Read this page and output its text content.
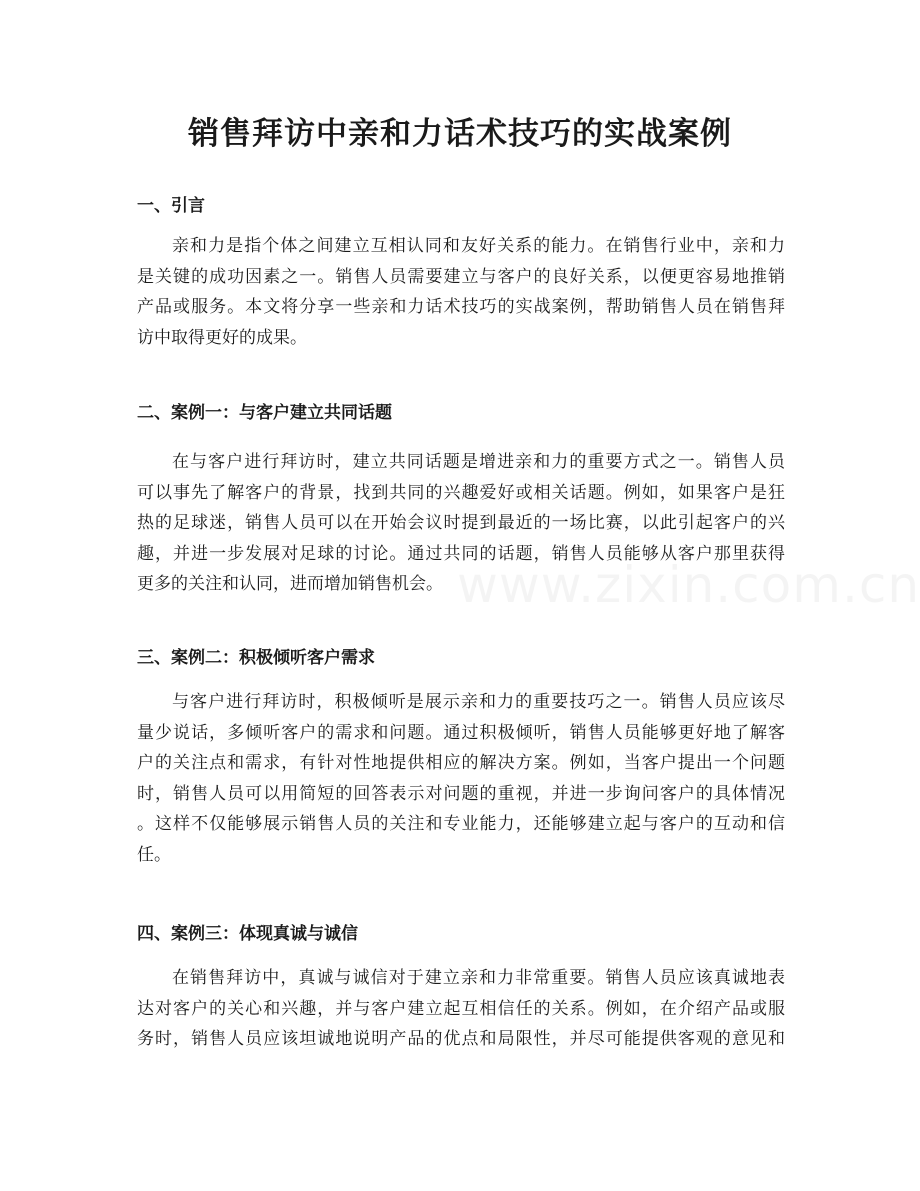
销售拜访中亲和力话术技巧的实战案例
一、引言
亲和力是指个体之间建立互相认同和友好关系的能力。在销售行业中，亲和力
是关键的成功因素之一。销售人员需要建立与客户的良好关系，以便更容易地推销
产品或服务。本文将分享一些亲和力话术技巧的实战案例，帮助销售人员在销售拜
访中取得更好的成果。
二、案例一：与客户建立共同话题
在与客户进行拜访时，建立共同话题是增进亲和力的重要方式之一。销售人员
可以事先了解客户的背景，找到共同的兴趣爱好或相关话题。例如，如果客户是狂
热的足球迷，销售人员可以在开始会议时提到最近的一场比赛，以此引起客户的兴
趣，并进一步发展对足球的讨论。通过共同的话题，销售人员能够从客户那里获得
更多的关注和认同，进而增加销售机会。
三、案例二：积极倾听客户需求
与客户进行拜访时，积极倾听是展示亲和力的重要技巧之一。销售人员应该尽
量少说话，多倾听客户的需求和问题。通过积极倾听，销售人员能够更好地了解客
户的关注点和需求，有针对性地提供相应的解决方案。例如，当客户提出一个问题
时，销售人员可以用简短的回答表示对问题的重视，并进一步询问客户的具体情况
。这样不仅能够展示销售人员的关注和专业能力，还能够建立起与客户的互动和信
任。
四、案例三：体现真诚与诚信
在销售拜访中，真诚与诚信对于建立亲和力非常重要。销售人员应该真诚地表
达对客户的关心和兴趣，并与客户建立起互相信任的关系。例如，在介绍产品或服
务时，销售人员应该坦诚地说明产品的优点和局限性，并尽可能提供客观的意见和
